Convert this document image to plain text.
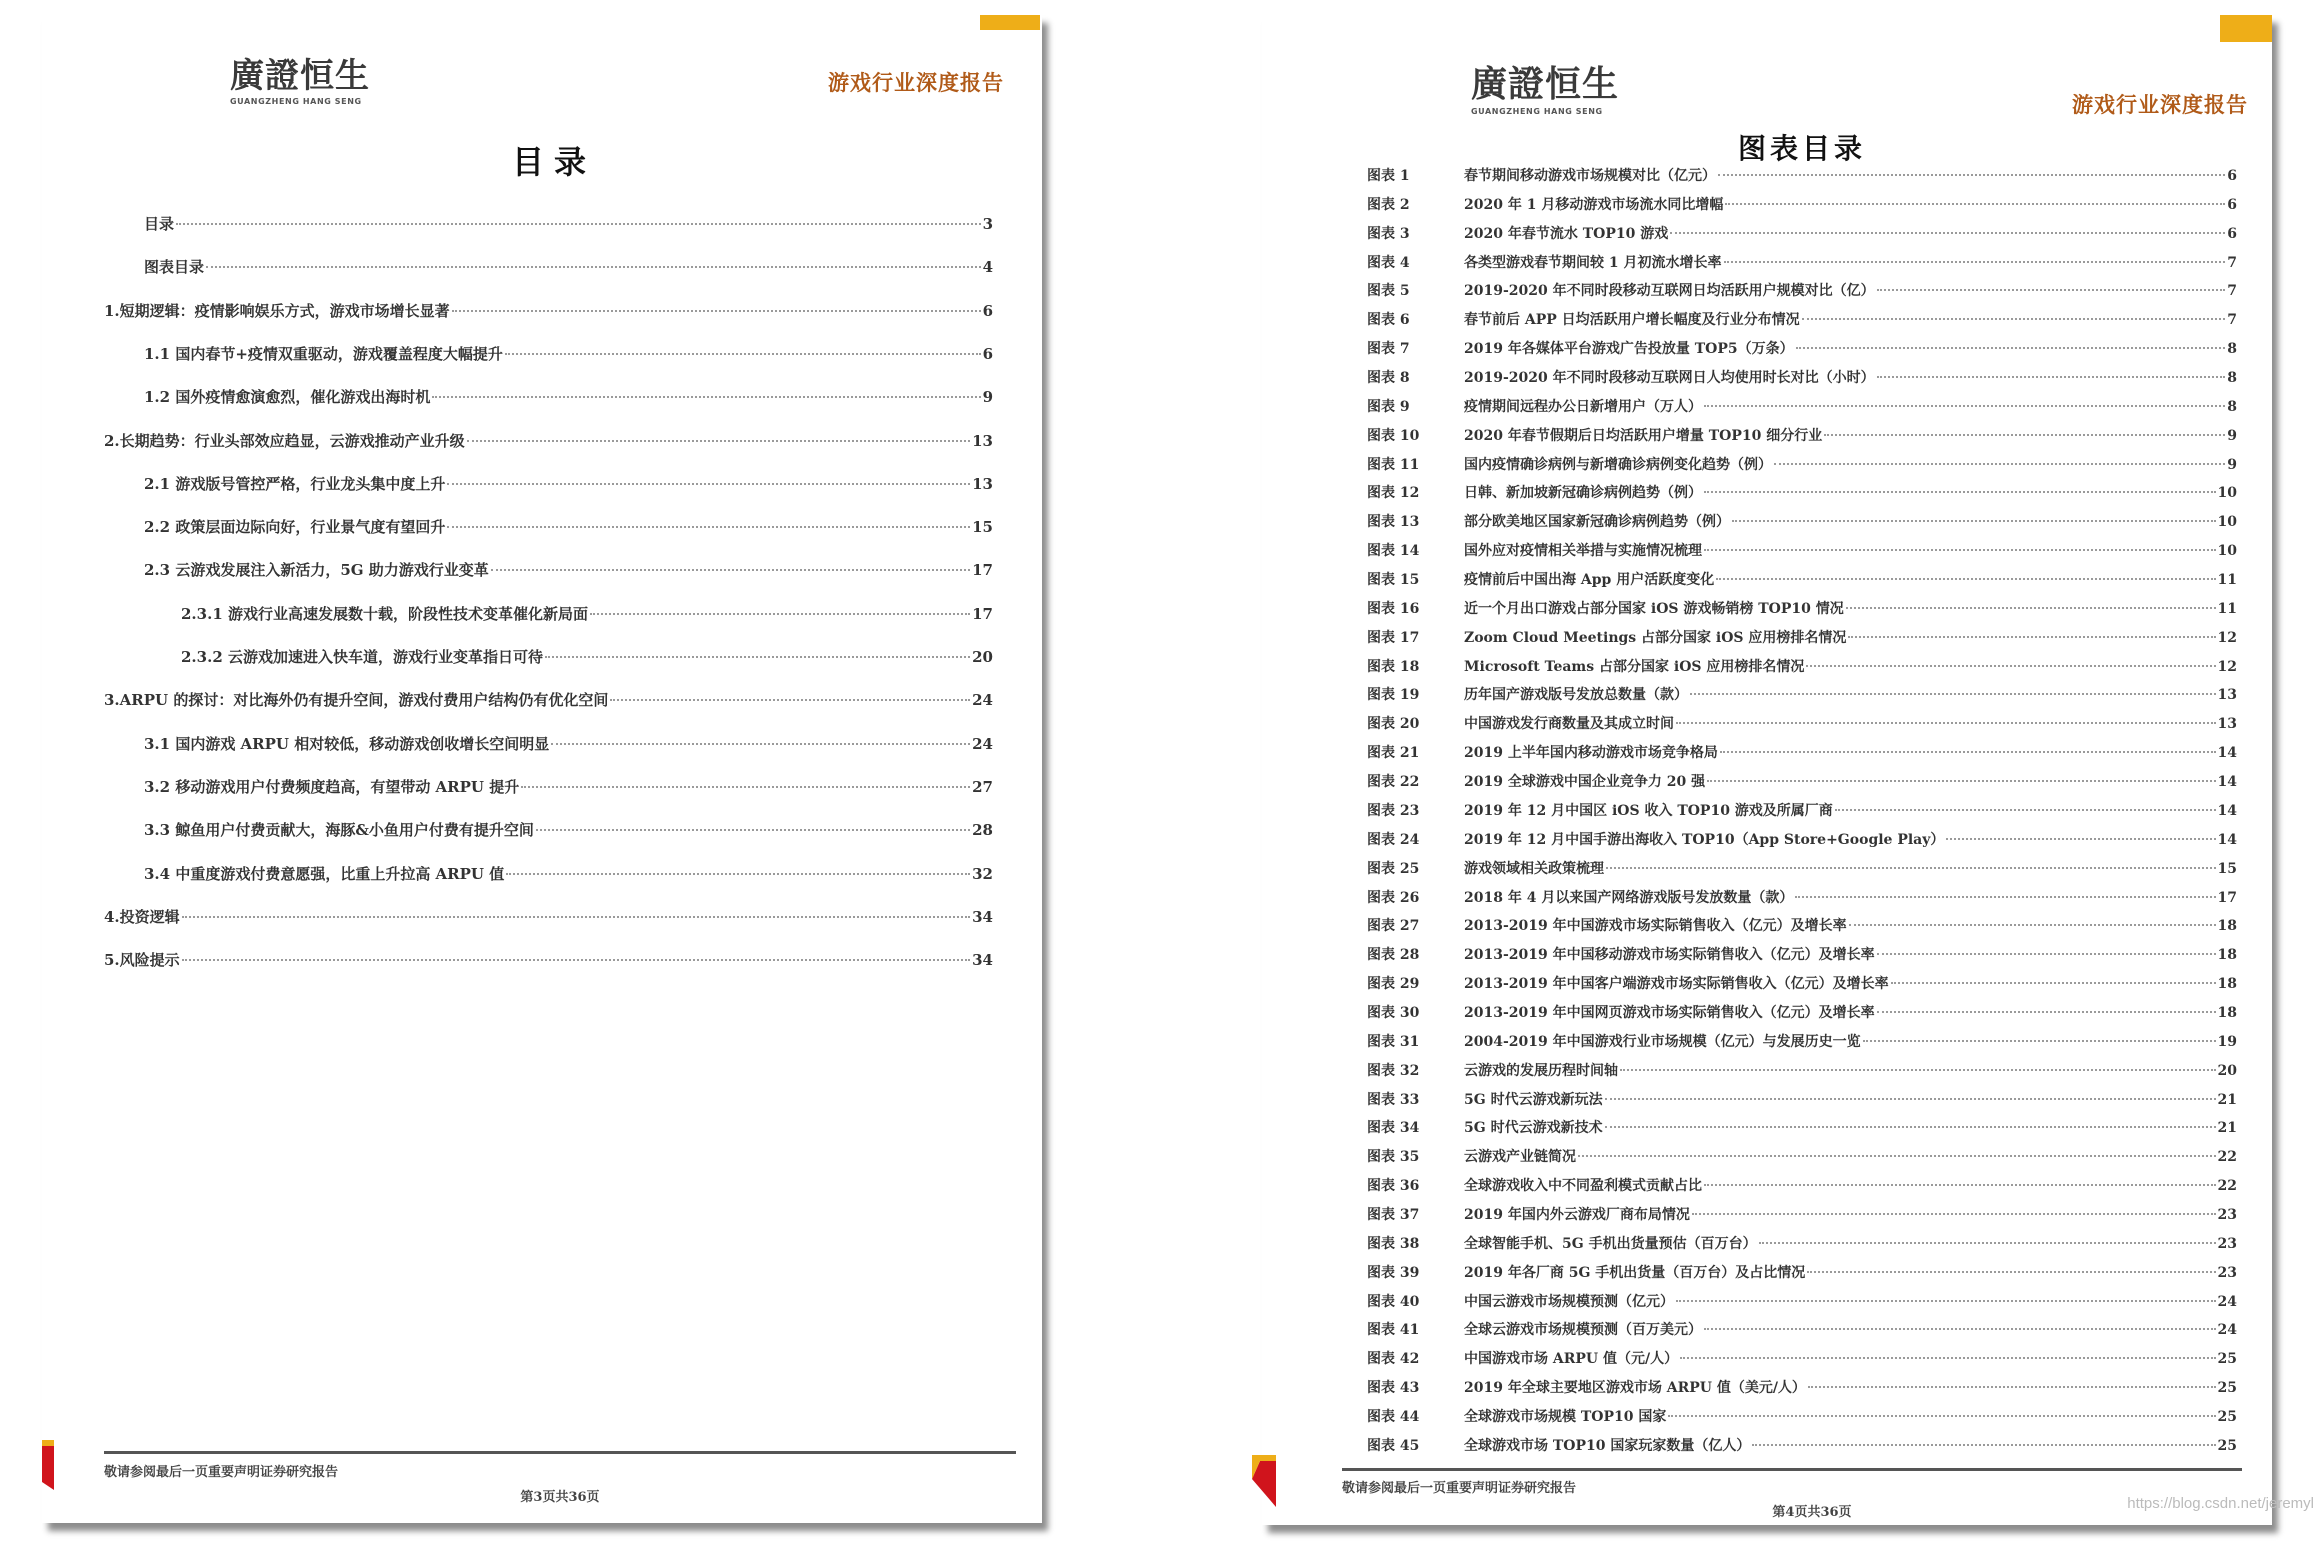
廣證恒生
GUANGZHENG HANG SENG
游戏行业深度报告
目录
目录	3
图表目录	4
1.短期逻辑：疫情影响娱乐方式，游戏市场增长显著	6
1.1 国内春节+疫情双重驱动，游戏覆盖程度大幅提升	6
1.2 国外疫情愈演愈烈，催化游戏出海时机	9
2.长期趋势：行业头部效应趋显，云游戏推动产业升级	13
2.1 游戏版号管控严格，行业龙头集中度上升	13
2.2 政策层面边际向好，行业景气度有望回升	15
2.3 云游戏发展注入新活力，5G 助力游戏行业变革	17
2.3.1 游戏行业高速发展数十载，阶段性技术变革催化新局面	17
2.3.2 云游戏加速进入快车道，游戏行业变革指日可待	20
3.ARPU 的探讨：对比海外仍有提升空间，游戏付费用户结构仍有优化空间	24
3.1 国内游戏 ARPU 相对较低，移动游戏创收增长空间明显	24
3.2 移动游戏用户付费频度趋高，有望带动 ARPU 提升	27
3.3 鲸鱼用户付费贡献大，海豚&小鱼用户付费有提升空间	28
3.4 中重度游戏付费意愿强，比重上升拉高 ARPU 值	32
4.投资逻辑	34
5.风险提示	34
敬请参阅最后一页重要声明证券研究报告
第3页共36页
廣證恒生
GUANGZHENG HANG SENG	游戏行业深度报告
图表目录
图表 1	春节期间移动游戏市场规模对比（亿元）	6
图表 2	2020 年 1 月移动游戏市场流水同比增幅	6
图表 3	2020 年春节流水 TOP10 游戏	6
图表 4	各类型游戏春节期间较 1 月初流水增长率	7
图表 5	2019-2020 年不同时段移动互联网日均活跃用户规模对比（亿）	7
图表 6	春节前后 APP 日均活跃用户增长幅度及行业分布情况	7
图表 7	2019 年各媒体平台游戏广告投放量 TOP5（万条）	8
图表 8	2019-2020 年不同时段移动互联网日人均使用时长对比（小时）	8
图表 9	疫情期间远程办公日新增用户（万人）	8
图表 10	2020 年春节假期后日均活跃用户增量 TOP10 细分行业	9
图表 11	国内疫情确诊病例与新增确诊病例变化趋势（例）	9
图表 12	日韩、新加坡新冠确诊病例趋势（例）	10
图表 13	部分欧美地区国家新冠确诊病例趋势（例）	10
图表 14	国外应对疫情相关举措与实施情况梳理	10
图表 15	疫情前后中国出海 App 用户活跃度变化	11
图表 16	近一个月出口游戏占部分国家 iOS 游戏畅销榜 TOP10 情况	11
图表 17	Zoom Cloud Meetings 占部分国家 iOS 应用榜排名情况	12
图表 18	Microsoft Teams 占部分国家 iOS 应用榜排名情况	12
图表 19	历年国产游戏版号发放总数量（款）	13
图表 20	中国游戏发行商数量及其成立时间	13
图表 21	2019 上半年国内移动游戏市场竞争格局	14
图表 22	2019 全球游戏中国企业竞争力 20 强	14
图表 23	2019 年 12 月中国区 iOS 收入 TOP10 游戏及所属厂商	14
图表 24	2019 年 12 月中国手游出海收入 TOP10（App Store+Google Play）	14
图表 25	游戏领域相关政策梳理	15
图表 26	2018 年 4 月以来国产网络游戏版号发放数量（款）	17
图表 27	2013-2019 年中国游戏市场实际销售收入（亿元）及增长率	18
图表 28	2013-2019 年中国移动游戏市场实际销售收入（亿元）及增长率	18
图表 29	2013-2019 年中国客户端游戏市场实际销售收入（亿元）及增长率	18
图表 30	2013-2019 年中国网页游戏市场实际销售收入（亿元）及增长率	18
图表 31	2004-2019 年中国游戏行业市场规模（亿元）与发展历史一览	19
图表 32	云游戏的发展历程时间轴	20
图表 33	5G 时代云游戏新玩法	21
图表 34	5G 时代云游戏新技术	21
图表 35	云游戏产业链简况	22
图表 36	全球游戏收入中不同盈利模式贡献占比	22
图表 37	2019 年国内外云游戏厂商布局情况	23
图表 38	全球智能手机、5G 手机出货量预估（百万台）	23
图表 39	2019 年各厂商 5G 手机出货量（百万台）及占比情况	23
图表 40	中国云游戏市场规模预测（亿元）	24
图表 41	全球云游戏市场规模预测（百万美元）	24
图表 42	中国游戏市场 ARPU 值（元/人）	25
图表 43	2019 年全球主要地区游戏市场 ARPU 值（美元/人）	25
图表 44	全球游戏市场规模 TOP10 国家	25
图表 45	全球游戏市场 TOP10 国家玩家数量（亿人）	25
敬请参阅最后一页重要声明证券研究报告
第4页共36页
https://blog.csdn.net/jeremyl
